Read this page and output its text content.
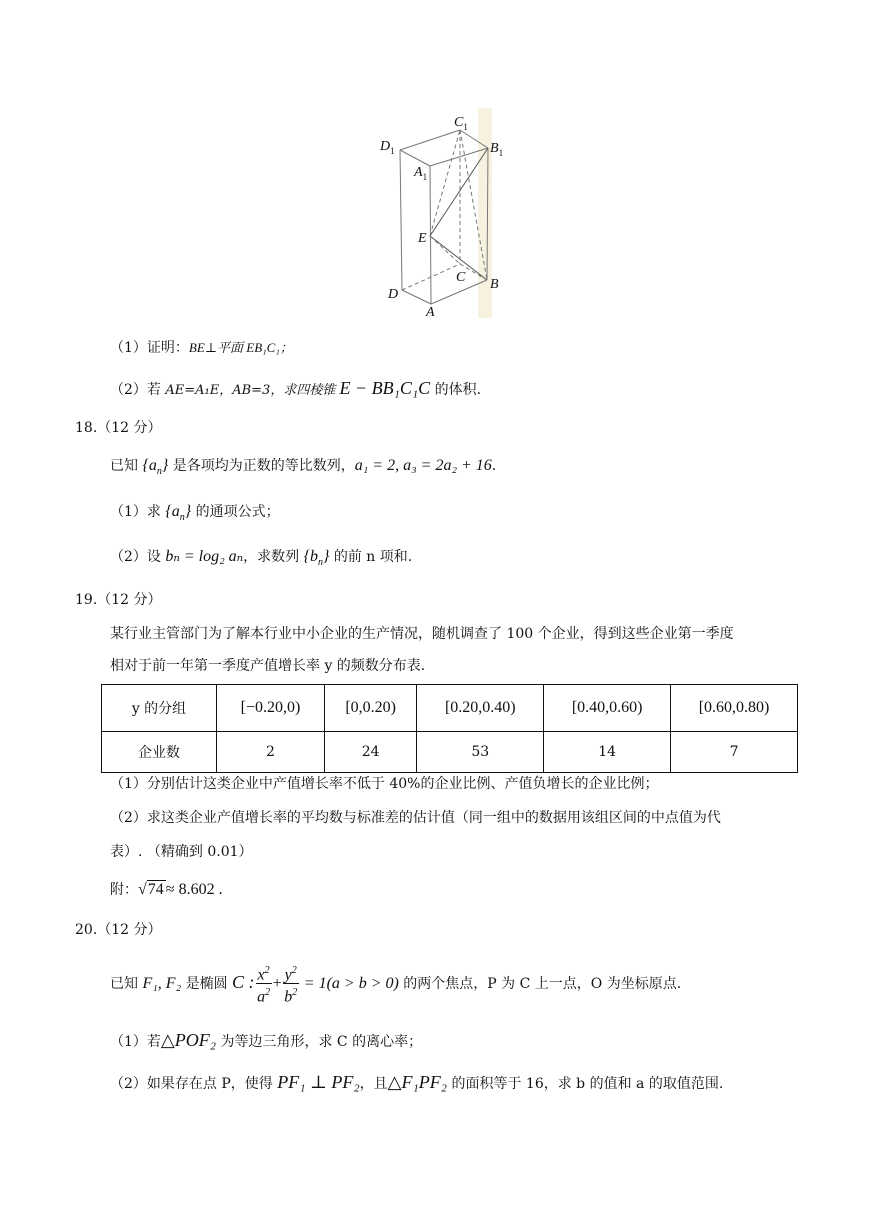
$D_1$
$A_1$
$C_1$
$B_1$
E
C B
D
A
（1）证明：BE⊥平面 EB₁C₁；
（2）若 AE=A₁E，AB=3，求四棱锥 E − BB₁C₁C 的体积.
18.（12 分）
已知 $\{a_n\}$ 是各项均为正数的等比数列，a₁ = 2, a₃ = 2a₂ + 16.
（1）求 $\{a_n\}$ 的通项公式；
（2）设 bₙ = log₂ aₙ，求数列 $\{b_n\}$ 的前 n 项和.
19.（12 分）
某行业主管部门为了解本行业中小企业的生产情况，随机调查了 100 个企业，得到这些企业第一季度
相对于前一年第一季度产值增长率 y 的频数分布表.
y 的分组	[−0.20,0)	[0,0.20)	[0.20,0.40)	[0.40,0.60)	[0.60,0.80)
企业数	2	24	53	14	7
（1）分别估计这类企业中产值增长率不低于 40%的企业比例、产值负增长的企业比例；
（2）求这类企业产值增长率的平均数与标准差的估计值（同一组中的数据用该组区间的中点值为代
表）. （精确到 0.01）
附：√74 ≈ 8.602 .
20.（12 分）
已知 F₁, F₂ 是椭圆 C : $\frac{x^2}{a^2} + \frac{y^2}{b^2} = 1(a > b > 0)$ 的两个焦点，P 为 C 上一点，O 为坐标原点.
（1）若△POF₂ 为等边三角形，求 C 的离心率；
（2）如果存在点 P，使得 PF₁ ⊥ PF₂，且△F₁PF₂ 的面积等于 16，求 b 的值和 a 的取值范围.
